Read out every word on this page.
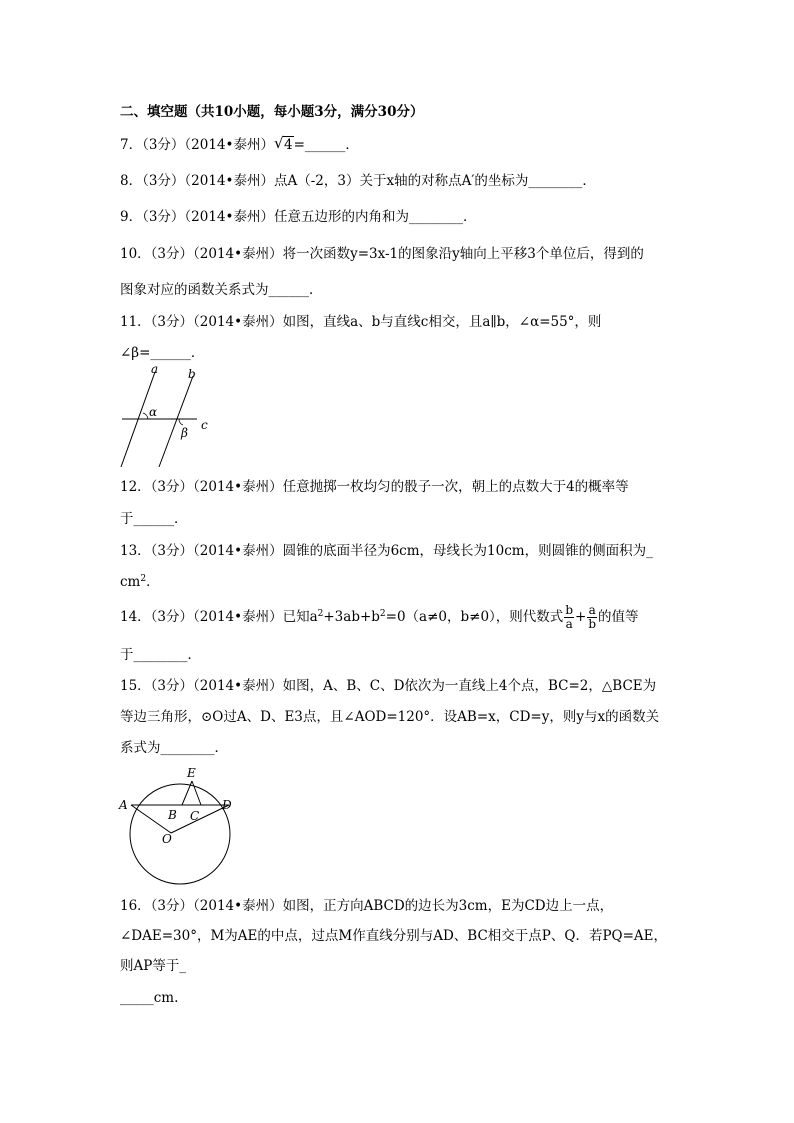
二、填空题（共10小题，每小题3分，满分30分）
7．（3分）（2014•泰州） √ 4=______．
8．（3分）（2014•泰州）点A（-2，3）关于x轴的对称点A′的坐标为________．
9．（3分）（2014•泰州）任意五边形的内角和为________．
10．（3分）（2014•泰州）将一次函数y=3x-1的图象沿y轴向上平移3个单位后，得到的
图象对应的函数关系式为______．
11．（3分）（2014•泰州）如图，直线a、b与直线c相交，且a∥b，∠α=55°，则
∠β=______．
a b
c
α
β
12．（3分）（2014•泰州）任意抛掷一枚均匀的骰子一次，朝上的点数大于4的概率等
于______．
13．（3分）（2014•泰州）圆锥的底面半径为6cm，母线长为10cm，则圆锥的侧面积为_
$cm^2$．
14．（3分）（2014•泰州）已知$a^2+3ab+b^2=0(a\ne 0$，b≠0），则代数式 $\frac{b}{a} + \frac{a}{b}$ 的值等
于________．
15．（3分）（2014•泰州）如图，A、B、C、D依次为一直线上4个点，BC=2，△BCE为
等边三角形，⊙O过A、D、E3点，且∠AOD=120°．设AB=x，CD=y，则y与x的函数关
系式为________．
E
A
B C
D
O
16．（3分）（2014•泰州）如图，正方向ABCD的边长为3cm，E为CD边上一点，
∠DAE=30°，M为AE的中点，过点M作直线分别与AD、BC相交于点P、Q．若PQ=AE，
则AP等于_
_____cm.
